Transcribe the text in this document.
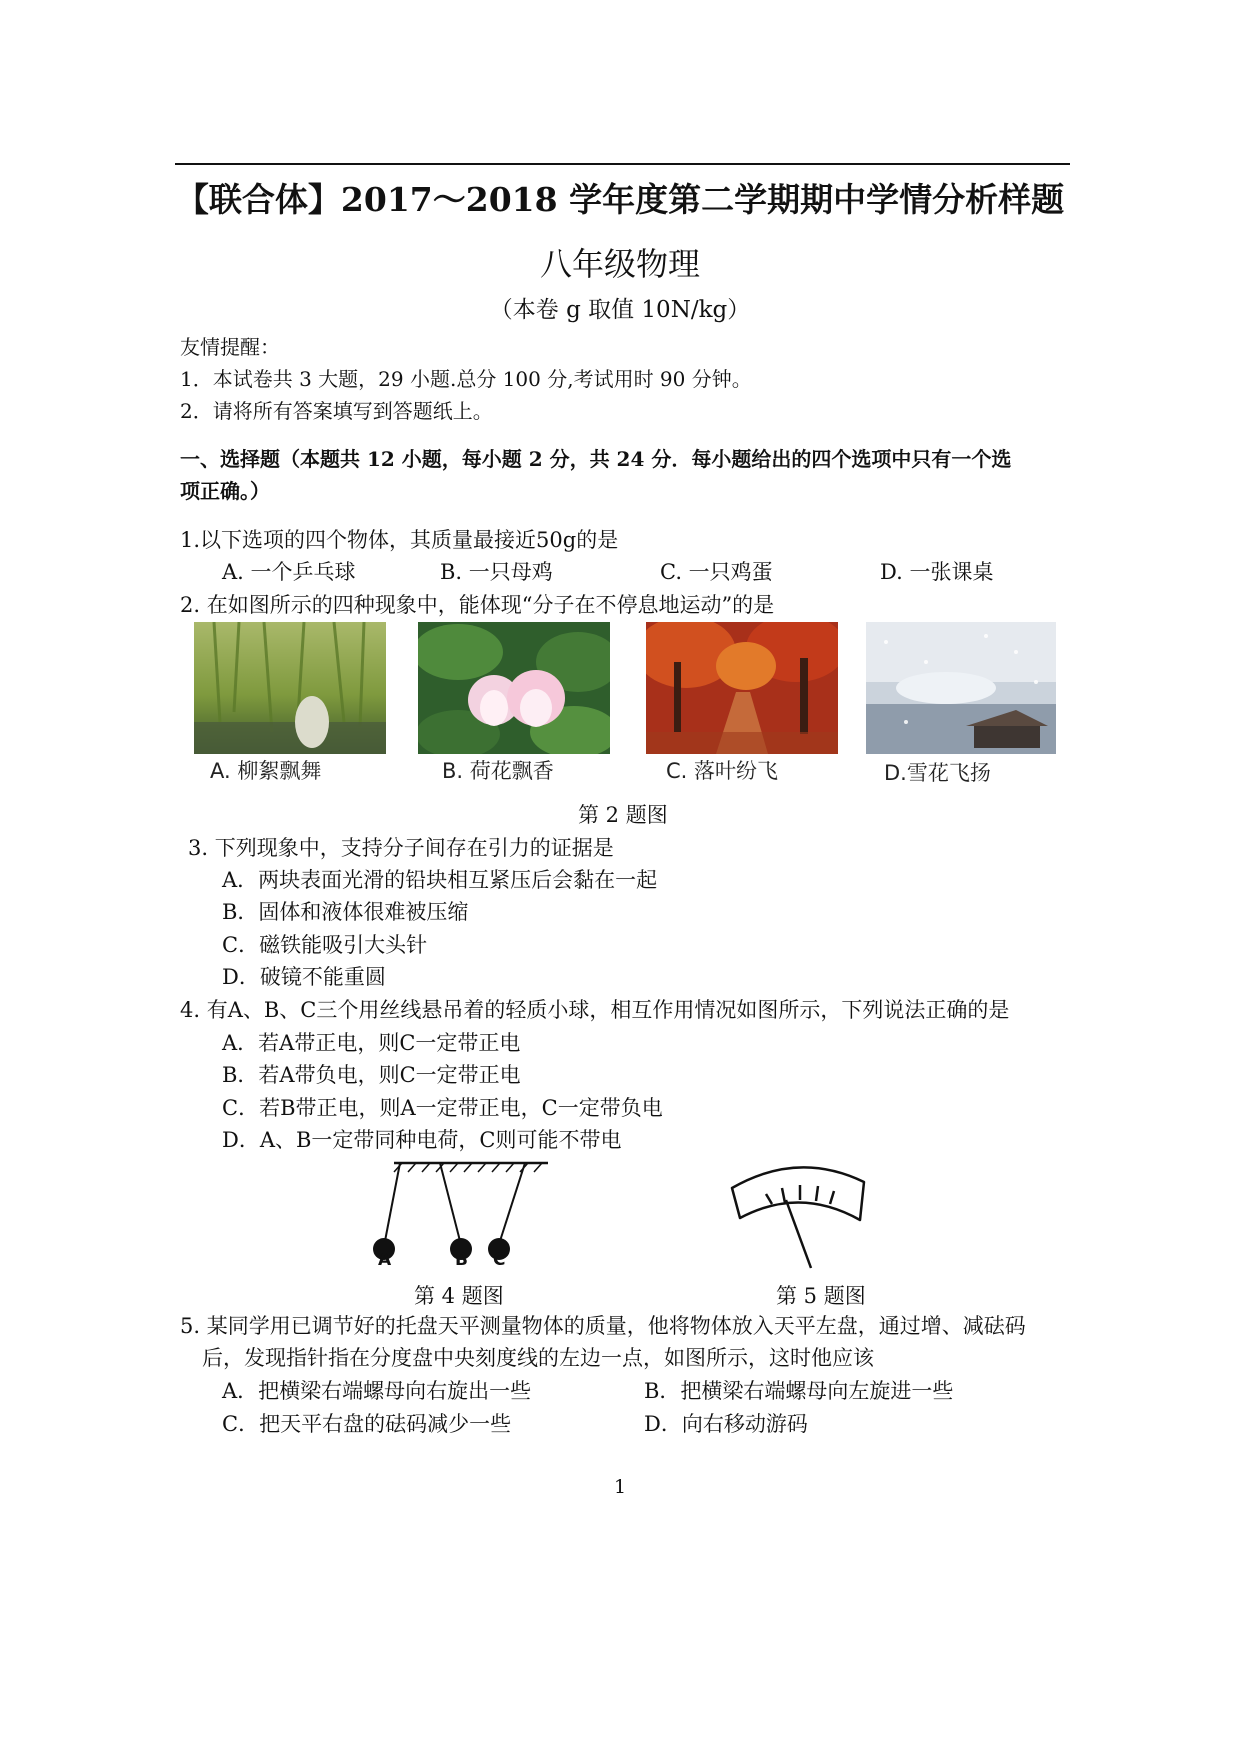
【联合体】2017～2018 学年度第二学期期中学情分析样题
八年级物理
（本卷 g 取值 10N/kg）
友情提醒：
1．本试卷共 3 大题，29 小题.总分 100 分,考试用时 90 分钟。
2．请将所有答案填写到答题纸上。
一、选择题（本题共 12 小题，每小题 2 分，共 24 分．每小题给出的四个选项中只有一个选
项正确。）
1.以下选项的四个物体，其质量最接近50g的是
A. 一个乒乓球	B. 一只母鸡	C. 一只鸡蛋	D. 一张课桌
2. 在如图所示的四种现象中，能体现“分子在不停息地运动”的是
A. 柳絮飘舞	B. 荷花飘香	C. 落叶纷飞	D.雪花飞扬
第 2 题图
3. 下列现象中，支持分子间存在引力的证据是
A．两块表面光滑的铅块相互紧压后会黏在一起
B．固体和液体很难被压缩
C．磁铁能吸引大头针
D．破镜不能重圆
4. 有A、B、C三个用丝线悬吊着的轻质小球，相互作用情况如图所示，下列说法正确的是
A．若A带正电，则C一定带正电
B．若A带负电，则C一定带正电
C．若B带正电，则A一定带正电，C一定带负电
D．A、B一定带同种电荷，C则可能不带电
A	B C
第 4 题图	第 5 题图
5. 某同学用已调节好的托盘天平测量物体的质量，他将物体放入天平左盘，通过增、减砝码
后，发现指针指在分度盘中央刻度线的左边一点，如图所示，这时他应该
A．把横梁右端螺母向右旋出一些	B．把横梁右端螺母向左旋进一些
C．把天平右盘的砝码减少一些	D．向右移动游码
1
